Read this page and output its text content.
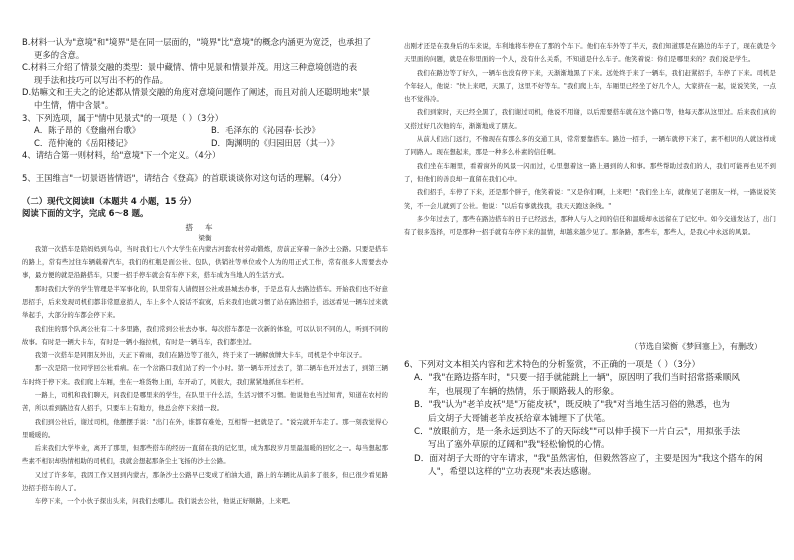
B.材料一认为"意境"和"境界"是在同一层面的，"境界"比"意境"的概念内涵更为宽泛，也承担了

更多的含意。

C.材料三介绍了情景交融的类型：景中藏情、情中见景和情景并茂。用这三种意境创造的表

现手法和技巧可以写出不朽的作品。

D.姑嘛文和王夫之的论述都从情景交融的角度对意境问题作了阐述，而且对前人还聪明地来"景

中生情，情中含景"。

3、下列选项，属于"情中见景式"的一项是（ ）（3分）

A．陈子昂的《登幽州台歌》	B．毛泽东的《沁园春·长沙》
C．范仲淹的《岳阳楼记》	D．陶渊明的《归园田居（其一）》

4、请结合第一则材料，给"意境"下一个定义。（4分）

5、王国维言"一切景语皆情语"，请结合《登高》的首联谈谈你对这句话的理解。（4分）

（二）现代文阅读Ⅱ（本题共 4 小题，15 分）

阅读下面的文字，完成 6～8 题。

搭车
梁衡

我第一次搭车是陪妈妈到鸟卓，当时我们七八个大学生在内蒙古河套农村劳动锻炼，房前正穿着一条沙土公路。只要是搭车的路上，常有些过往车辆载着汽车，我们的杠瓶是面公社、包队，供销社等单位或个人为的用正式工作，常有很多人需要去办事，最方便的就是沿路搭车，只要一招手停车就会有车停下来，搭车成为当地人的生活方式。

那时我们大学的学生管理是半军事化的，队里常有人请假回公社或县城去办事，于是总有人去路边搭车。开始我们也不好意思招手，后来发现司机们都非常愿意捎人，车上多个人说话不寂寞，后来我们也就习惯了站在路边招手，远远看见一辆车过来就举起手，大部分的车都会停下来。

我们住的那个队离公社有二十多里路，我们常到公社去办事。每次搭车都是一次新的体验，可以认识不同的人，听到不同的故事。有时是一辆大卡车，有时是一辆小拖拉机，有时是一辆马车，我们都坐过。

我第一次搭车是同朋友外出，天正下着雨，我们在路边等了很久，终于来了一辆解放牌大卡车，司机是个中年汉子。

那一次是陪一位同学回公社看病。在一个岔路口我们站了约一个小时。第一辆车开过去了，第二辆车也开过去了，到第三辆车时终于停下来。我们爬上车厢，坐在一堆货物上面，车开动了，风很大，我们紧紧地抓住车栏杆。

一路上，司机和我们聊天，问我们是哪里来的学生，在队里干什么活，生活习惯不习惯。他说他也当过知青，知道在农村的苦，所以看到路边有人招手，只要车上有地方，他总会停下来捎一段。

我们到公社后，谢过司机，他摆摆手说："出门在外，谁都有难处，互相帮一把就是了。"说完就开车走了。那一刻我觉得心里暖暖的。

后来我们大学毕业，离开了那里，但那些搭车的经历一直留在我的记忆里，成为那段岁月里最温暖的回忆之一。每当想起那些素不相识却热情相助的司机们，我就会想起那条尘土飞扬的沙土公路。

又过了许多年，我因工作又回到内蒙古，那条沙土公路早已变成了柏油大道，路上的车辆比从前多了很多，但已很少看见路边招手搭车的人了。

车停下来，一个小伙子探出头来，问我们去哪儿。我们说去公社，他说正好顺路，上来吧。

出刚才还是在我身后的车来说，车利地将车停在了那的个车下。他们在车外等了半天，我们知道那是在路边的车子了，现在就是今天里面的问题，就是在你里面的一个人，没有什么关系，不知道是什么车子。他笑着说：你们是哪里来的？我们说是学生。

我们在路边等了好久，一辆车也没有停下来，天渐渐地黑了下来。远处终于来了一辆车，我们赶紧招手，车停了下来。司机是个年轻人，他说："快上来吧，天黑了，这里不好等车。"我们爬上车，车厢里已经坐了好几个人，大家挤在一起，说说笑笑，一点也不觉得冷。

我们到家时，天已经全黑了，我们谢过司机，他说不用谢，以后需要搭车就在这个路口等，他每天都从这里过。后来我们真的又搭过好几次他的车，渐渐地成了朋友。

从前人们出门远行，不像现在有那么多的交通工具，常常要靠搭车。路边一招手，一辆车就停下来了，素不相识的人就这样成了同路人。现在想起来，那是一种多么朴素的信任啊。

我们坐在车厢里，看着窗外的风景一闪而过，心里想着这一路上遇到的人和事。那些帮助过我们的人，我们可能再也见不到了，但他们的善良却一直留在我们心中。

我们招手，车停了下来，还是那个胖子，他笑着说："又是你们啊，上来吧！"我们坐上车，就像见了老朋友一样，一路说说笑笑，不一会儿就到了公社。他说："以后有事就找我，我天天跑这条线。"

多少年过去了，那些在路边搭车的日子已经远去，那种人与人之间的信任和温暖却永远留在了记忆中。如今交通发达了，出门有了很多选择，可是那种一招手就有车停下来的温情，却越来越少见了。那条路，那些车，那些人，是我心中永远的风景。

（节选自梁衡《梦回塞上》，有删改）

6、下列对文本相关内容和艺术特色的分析鉴赏，不正确的一项是（ ）（3分）

A．"我"在路边搭车时，"只要一招手就能跳上一辆"，原因明了我们当时招常搭乘顺风

车，也展现了车辆的热情，乐于顺路载人的形象。

B．"我"认为"老羊皮袄"是"万能皮袄"，既反映了"我"对当地生活习俗的熟悉，也为

后文胡子大哥铺老羊皮袄给章本铺埋下了伏笔。

C．"放眼前方，是一条永远到达不了的天际线""可以伸手摸下一片白云"，用拟张手法

写出了塞外草原的辽阔和"我"轻松愉悦的心情。

D．面对胡子大哥的守车请求，"我"虽然害怕，但毅然答应了，主要是因为"我这个搭车的闲

人"，希望以这样的"立功表现"来表达感谢。
